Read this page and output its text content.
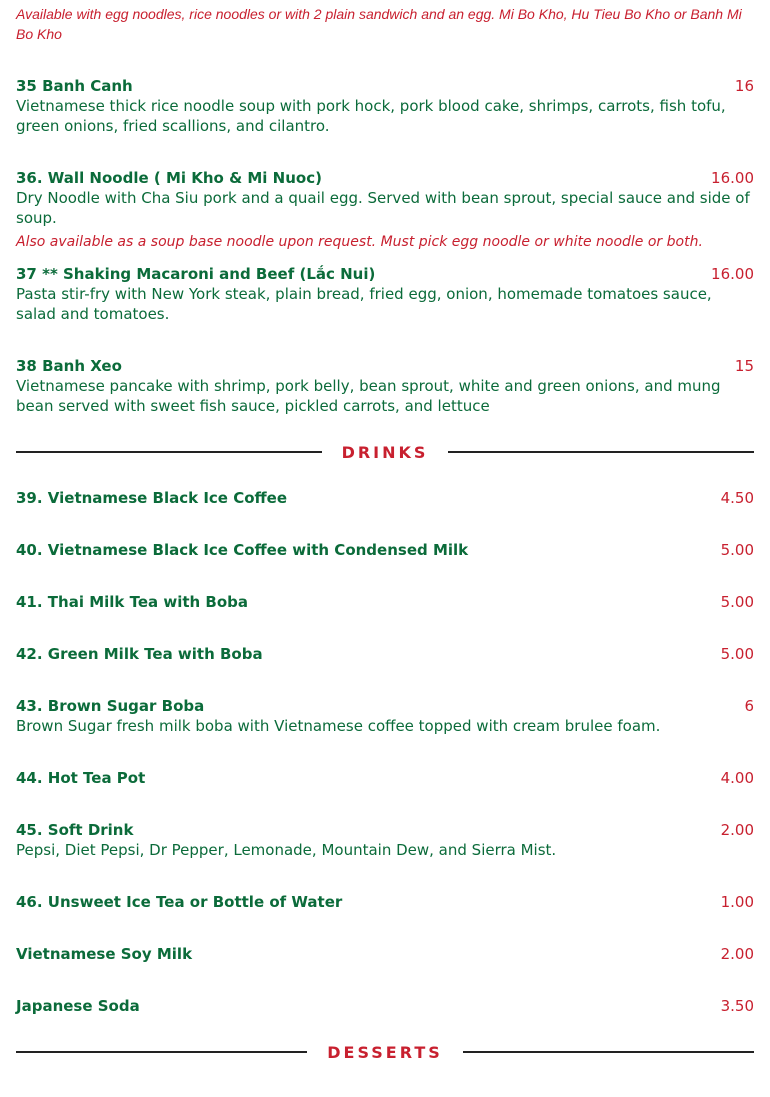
Available with egg noodles, rice noodles or with 2 plain sandwich and an egg. Mi Bo Kho, Hu Tieu Bo Kho or Banh Mi Bo Kho
35 Banh Canh	16
Vietnamese thick rice noodle soup with pork hock, pork blood cake, shrimps, carrots, fish tofu, green onions, fried scallions, and cilantro.
36. Wall Noodle ( Mi Kho & Mi Nuoc)	16.00
Dry Noodle with Cha Siu pork and a quail egg. Served with bean sprout, special sauce and side of soup.
Also available as a soup base noodle upon request. Must pick egg noodle or white noodle or both.
37 ** Shaking Macaroni and Beef (Lắc Nui)	16.00
Pasta stir-fry with New York steak, plain bread, fried egg, onion, homemade tomatoes sauce, salad and tomatoes.
38 Banh Xeo	15
Vietnamese pancake with shrimp, pork belly, bean sprout, white and green onions, and mung bean served with sweet fish sauce, pickled carrots, and lettuce
DRINKS
39. Vietnamese Black Ice Coffee	4.50
40. Vietnamese Black Ice Coffee with Condensed Milk	5.00
41. Thai Milk Tea with Boba	5.00
42. Green Milk Tea with Boba	5.00
43. Brown Sugar Boba	6
Brown Sugar fresh milk boba with Vietnamese coffee topped with cream brulee foam.
44. Hot Tea Pot	4.00
45. Soft Drink	2.00
Pepsi, Diet Pepsi, Dr Pepper, Lemonade, Mountain Dew, and Sierra Mist.
46. Unsweet Ice Tea or Bottle of Water	1.00
Vietnamese Soy Milk	2.00
Japanese Soda	3.50
DESSERTS
